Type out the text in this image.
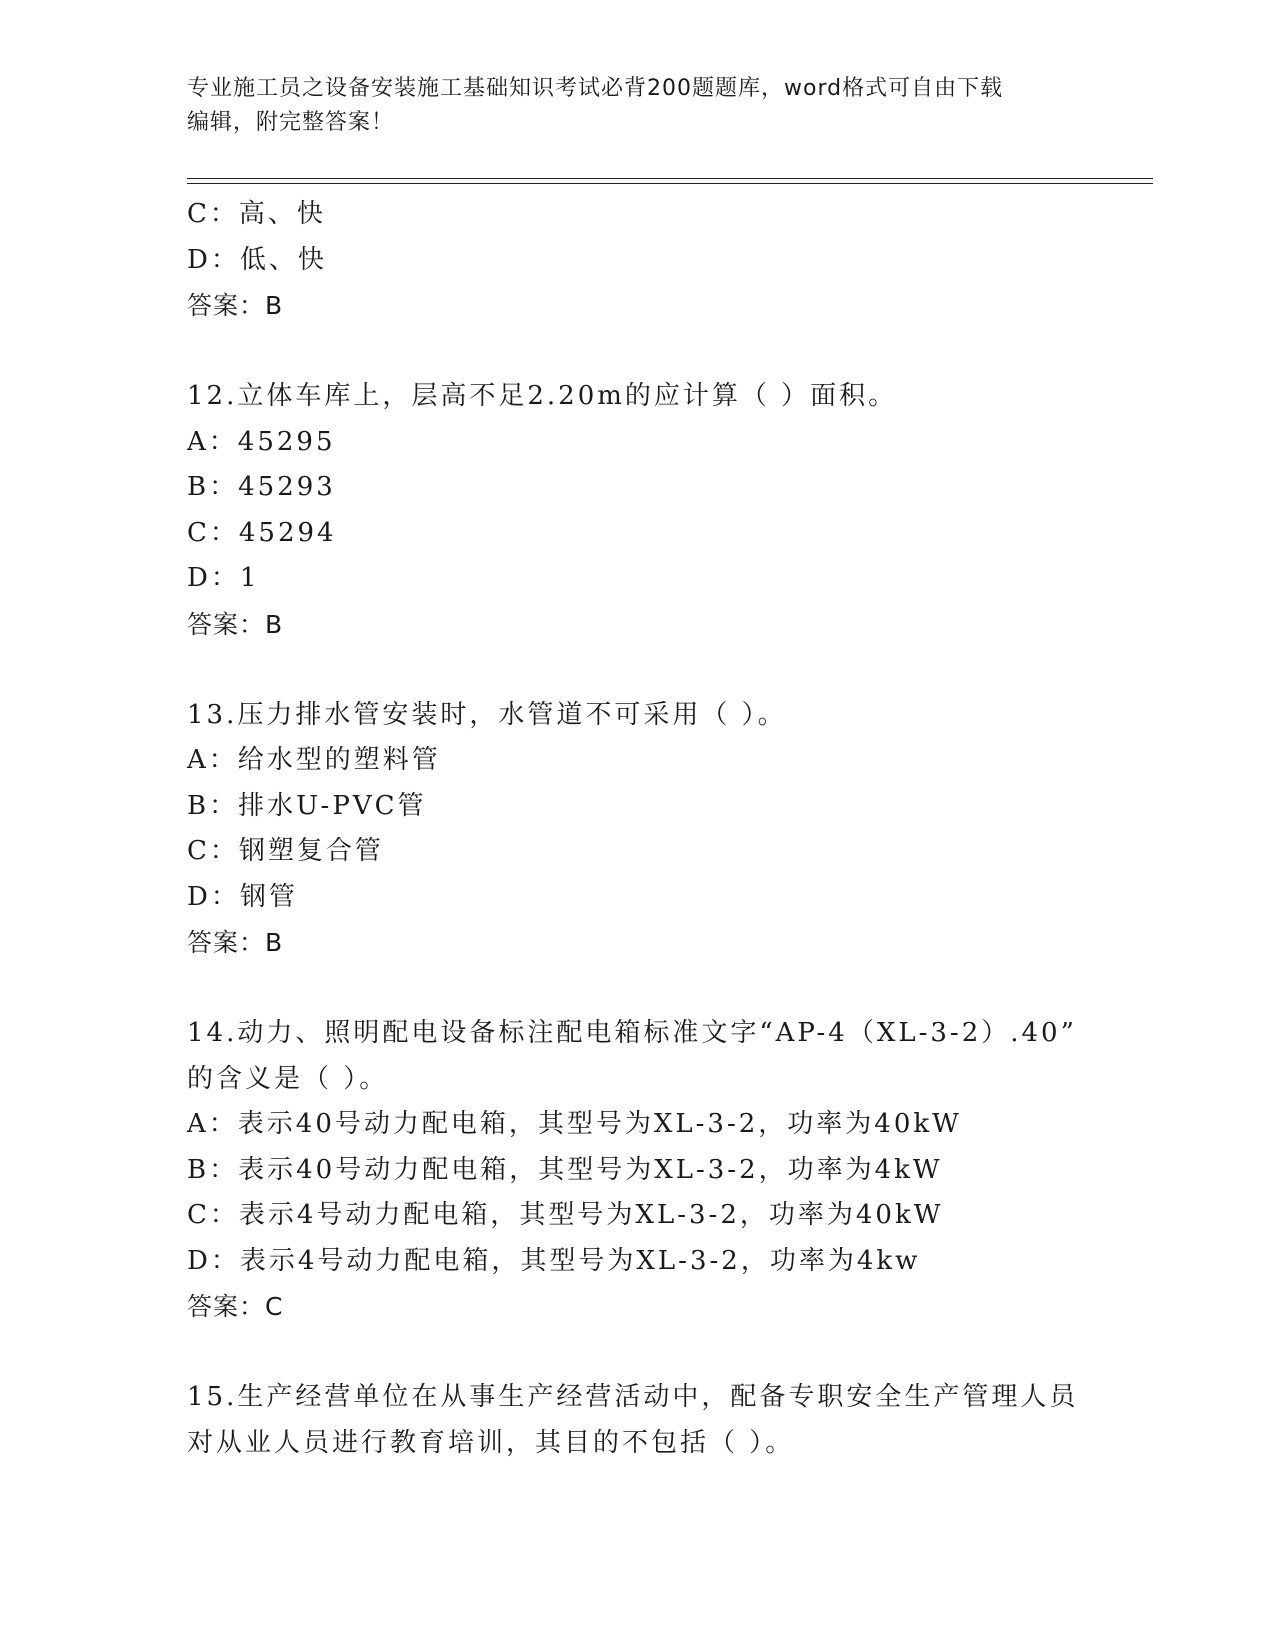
专业施工员之设备安装施工基础知识考试必背200题题库，word格式可自由下载
编辑，附完整答案！
C：高、快
D：低、快
答案：B
12.立体车库上，层高不足2.20m的应计算（ ）面积。
A：45295
B：45293
C：45294
D：1
答案：B
13.压力排水管安装时，水管道不可采用（ ）。
A：给水型的塑料管
B：排水U-PVC管
C：钢塑复合管
D：钢管
答案：B
14.动力、照明配电设备标注配电箱标准文字“AP-4（XL-3-2）.40”
的含义是（ ）。
A：表示40号动力配电箱，其型号为XL-3-2，功率为40kW
B：表示40号动力配电箱，其型号为XL-3-2，功率为4kW
C：表示4号动力配电箱，其型号为XL-3-2，功率为40kW
D：表示4号动力配电箱，其型号为XL-3-2，功率为4kw
答案：C
15.生产经营单位在从事生产经营活动中，配备专职安全生产管理人员
对从业人员进行教育培训，其目的不包括（ ）。
